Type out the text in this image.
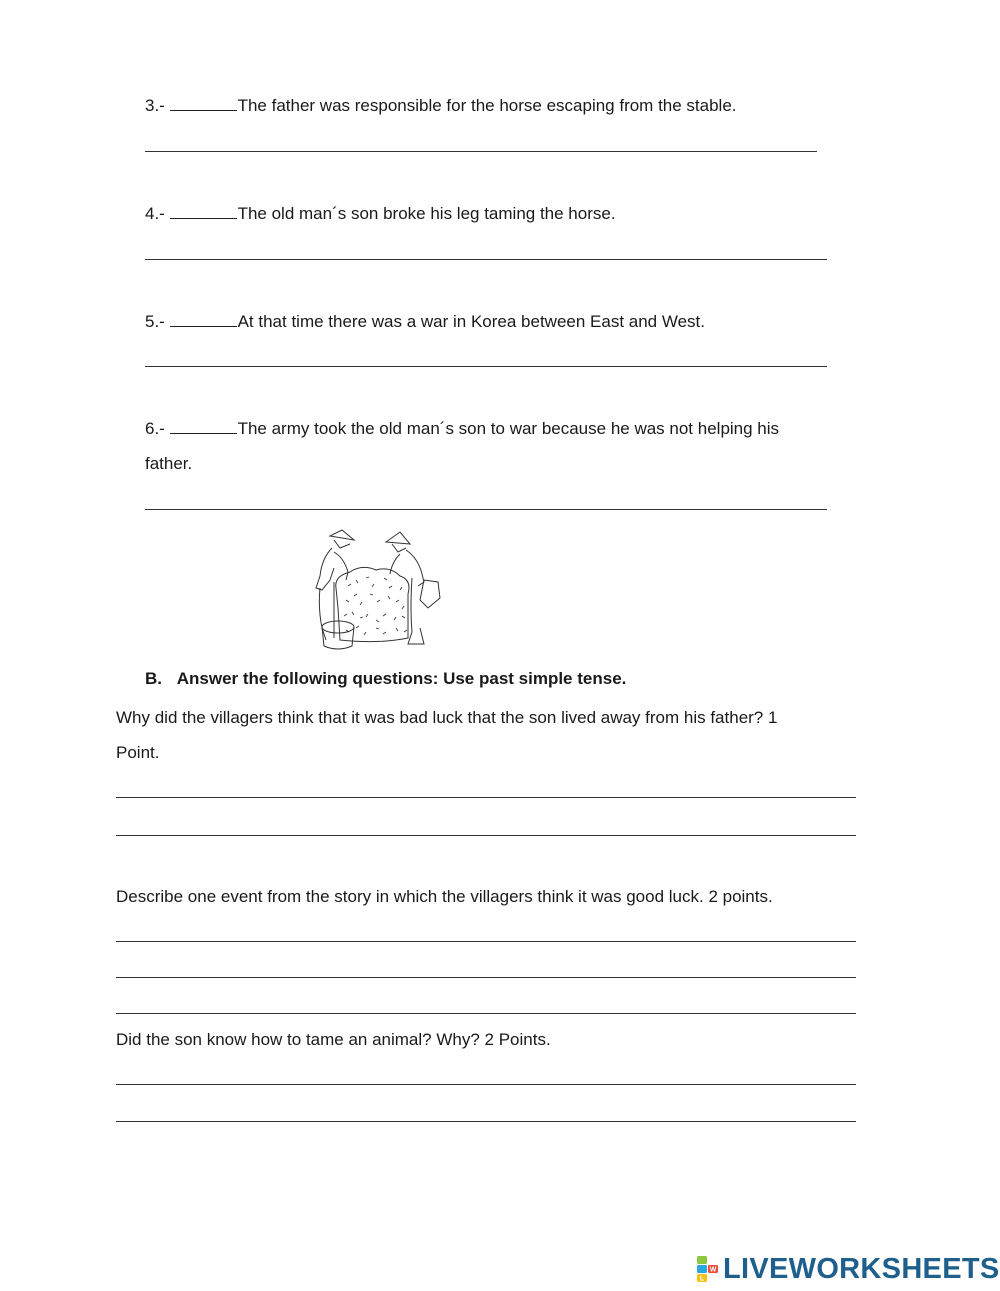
3.-	The father was responsible for the horse escaping from the stable.
4.-	The old man´s son broke his leg taming the horse.
5.-	At that time there was a war in Korea between East and West.
6.-	The army took the old man´s son to war because he was not helping his
father.
B. Answer the following questions: Use past simple tense.
Why did the villagers think that it was bad luck that the son lived away from his father? 1
Point.
Describe one event from the story in which the villagers think it was good luck. 2 points.
Did the son know how to tame an animal? Why? 2 Points.
L
W LIVEWORKSHEETS
